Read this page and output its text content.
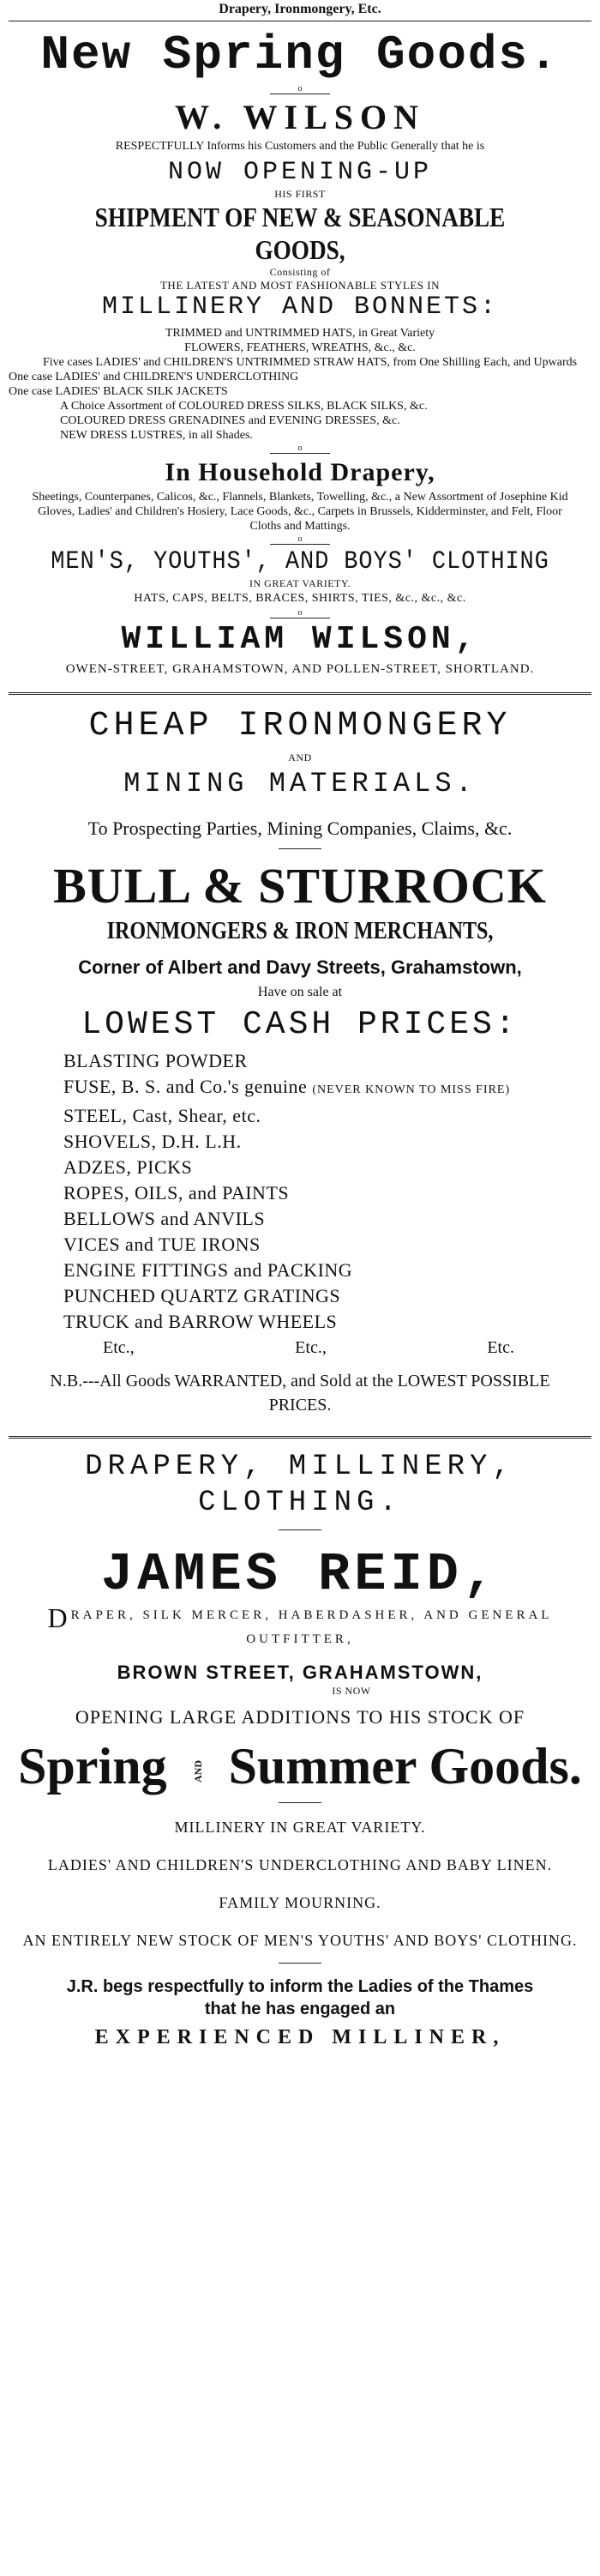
Drapery, Ironmongery, Etc.
New Spring Goods.
o
W. WILSON
RESPECTFULLY Informs his Customers and the Public Generally that he is
NOW OPENING-UP
HIS FIRST
SHIPMENT OF NEW & SEASONABLE GOODS,
Consisting of
THE LATEST AND MOST FASHIONABLE STYLES IN
MILLINERY AND BONNETS:
TRIMMED and UNTRIMMED HATS, in Great Variety
FLOWERS, FEATHERS, WREATHS, &c., &c.
Five cases LADIES' and CHILDREN'S UNTRIMMED STRAW HATS, from One Shilling Each, and Upwards
One case LADIES' and CHILDREN'S UNDERCLOTHING
One case LADIES' BLACK SILK JACKETS
A Choice Assortment of COLOURED DRESS SILKS, BLACK SILKS, &c.
COLOURED DRESS GRENADINES and EVENING DRESSES, &c.
NEW DRESS LUSTRES, in all Shades.
o
In Household Drapery,
Sheetings, Counterpanes, Calicos, &c., Flannels, Blankets, Towelling, &c., a New Assortment of Josephine Kid Gloves, Ladies' and Children's Hosiery, Lace Goods, &c., Carpets in Brussels, Kidderminster, and Felt, Floor Cloths and Mattings.
o
MEN'S, YOUTHS', AND BOYS' CLOTHING
IN GREAT VARIETY.
HATS, CAPS, BELTS, BRACES, SHIRTS, TIES, &c., &c., &c.
o
WILLIAM WILSON,
OWEN-STREET, GRAHAMSTOWN, AND POLLEN-STREET, SHORTLAND.
CHEAP IRONMONGERY
AND
MINING MATERIALS.
To Prospecting Parties, Mining Companies, Claims, &c.
BULL & STURROCK
IRONMONGERS & IRON MERCHANTS,
Corner of Albert and Davy Streets, Grahamstown,
Have on sale at
LOWEST CASH PRICES:
BLASTING POWDER
FUSE, B. S. and Co.'s genuine (NEVER KNOWN TO MISS FIRE)
STEEL, Cast, Shear, etc.
SHOVELS, D.H. L.H.
ADZES, PICKS
ROPES, OILS, and PAINTS
BELLOWS and ANVILS
VICES and TUE IRONS
ENGINE FITTINGS and PACKING
PUNCHED QUARTZ GRATINGS
TRUCK and BARROW WHEELS
Etc.,	Etc.,	Etc.
N.B.---All Goods WARRANTED, and Sold at the LOWEST POSSIBLE PRICES.
DRAPERY, MILLINERY, CLOTHING.
JAMES REID,
DRAPER, SILK MERCER, HABERDASHER, AND GENERAL OUTFITTER,
BROWN STREET, GRAHAMSTOWN,
IS NOW
OPENING LARGE ADDITIONS TO HIS STOCK OF
Spring AND Summer Goods.
MILLINERY IN GREAT VARIETY.
LADIES' AND CHILDREN'S UNDERCLOTHING AND BABY LINEN.
FAMILY MOURNING.
AN ENTIRELY NEW STOCK OF MEN'S YOUTHS' AND BOYS' CLOTHING.
J.R. begs respectfully to inform the Ladies of the Thames that he has engaged an
EXPERIENCED MILLINER,
